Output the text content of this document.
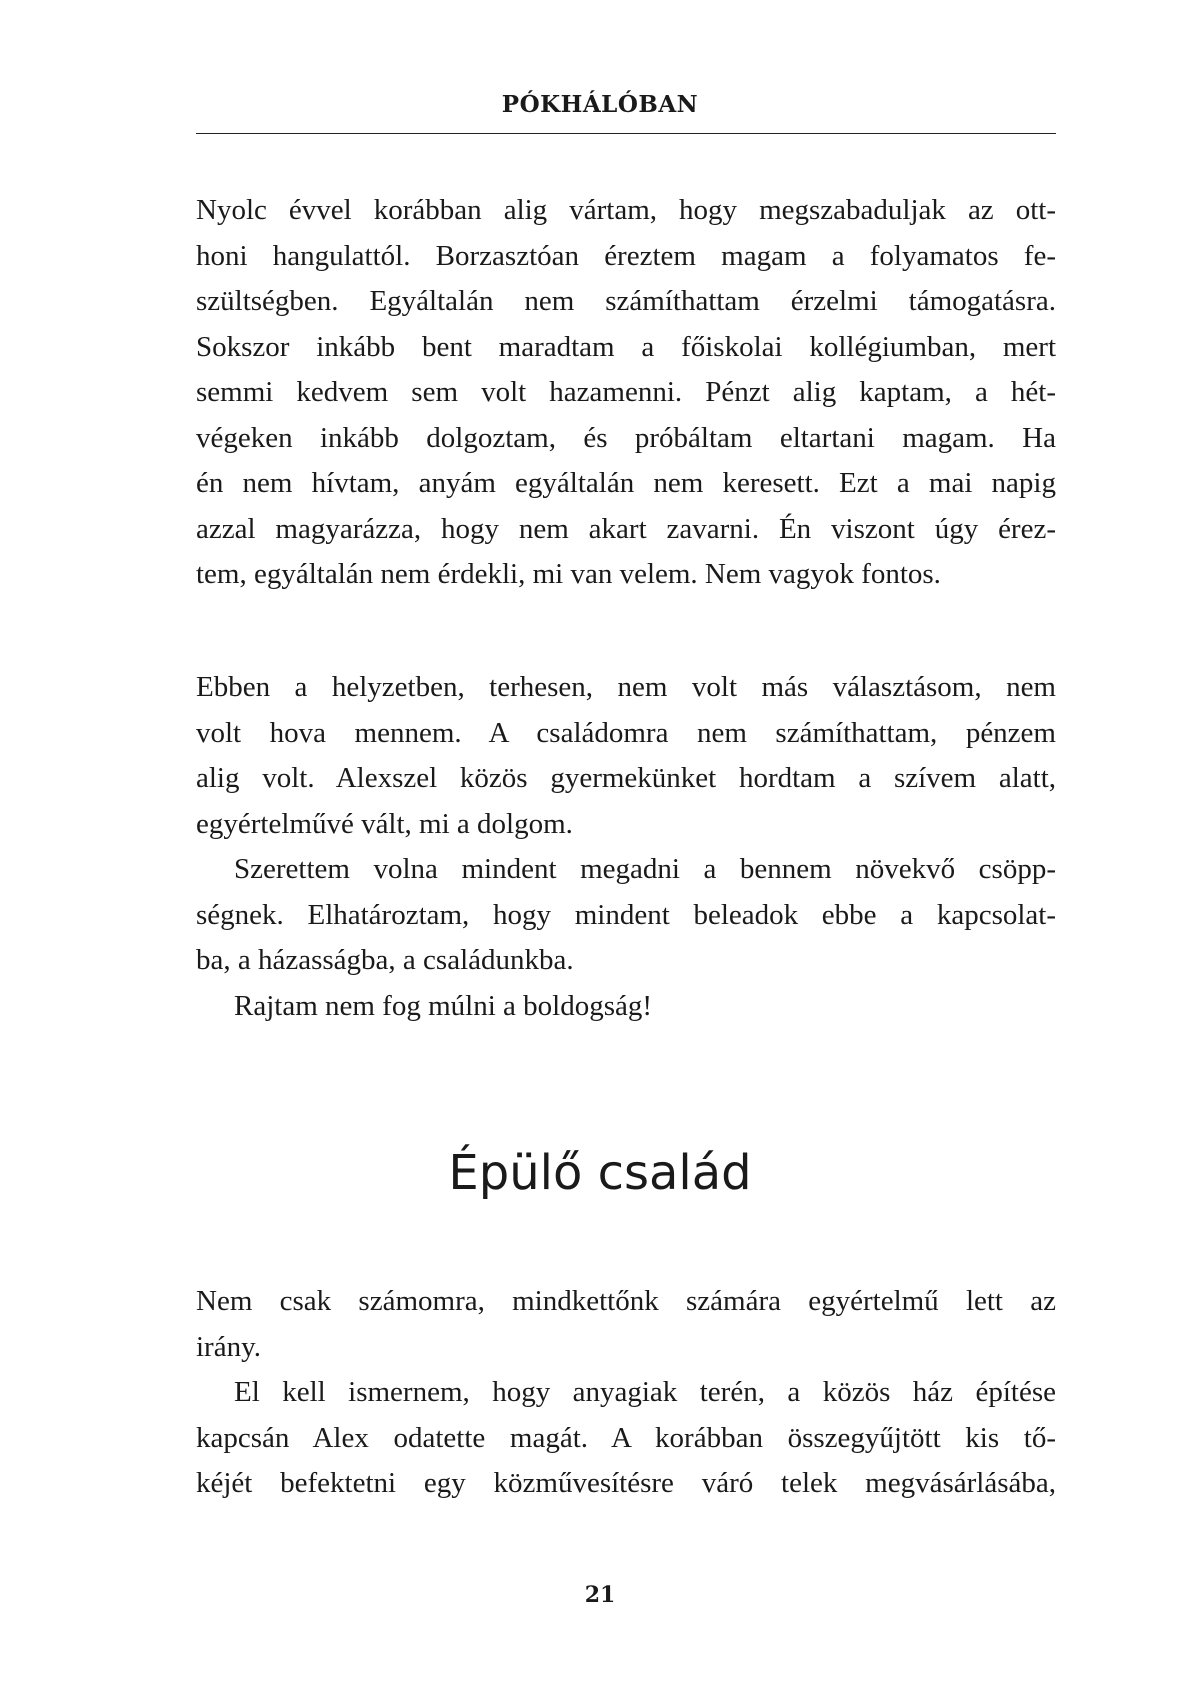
PÓKHÁLÓBAN
Nyolc évvel korábban alig vártam, hogy megszabaduljak az ott-
honi hangulattól. Borzasztóan éreztem magam a folyamatos fe-
szültségben. Egyáltalán nem számíthattam érzelmi támogatásra.
Sokszor inkább bent maradtam a főiskolai kollégiumban, mert
semmi kedvem sem volt hazamenni. Pénzt alig kaptam, a hét-
végeken inkább dolgoztam, és próbáltam eltartani magam. Ha
én nem hívtam, anyám egyáltalán nem keresett. Ezt a mai napig
azzal magyarázza, hogy nem akart zavarni. Én viszont úgy érez-
tem, egyáltalán nem érdekli, mi van velem. Nem vagyok fontos.
Ebben a helyzetben, terhesen, nem volt más választásom, nem
volt hova mennem. A családomra nem számíthattam, pénzem
alig volt. Alexszel közös gyermekünket hordtam a szívem alatt,
egyértelművé vált, mi a dolgom.
Szerettem volna mindent megadni a bennem növekvő csöpp-
ségnek. Elhatároztam, hogy mindent beleadok ebbe a kapcsolat-
ba, a házasságba, a családunkba.
Rajtam nem fog múlni a boldogság!
Épülő család
Nem csak számomra, mindkettőnk számára egyértelmű lett az
irány.
El kell ismernem, hogy anyagiak terén, a közös ház építése
kapcsán Alex odatette magát. A korábban összegyűjtött kis tő-
kéjét befektetni egy közművesítésre váró telek megvásárlásába,
21
